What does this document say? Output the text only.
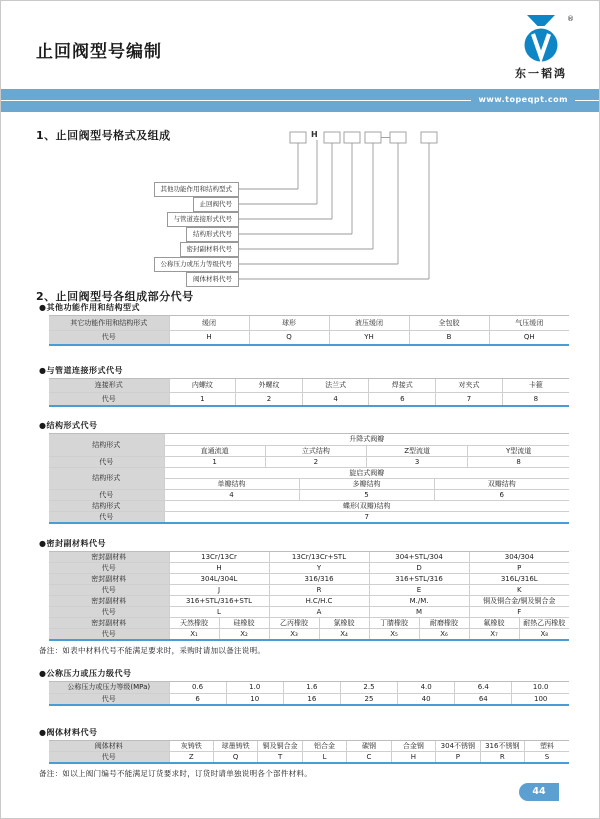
止回阀型号编制
®
东一韬鸿
www.topeqpt.com
1、止回阀型号格式及组成	H
其他功能作用和结构型式
止回阀代号
与管道连接形式代号
结构形式代号
密封副材料代号
公称压力或压力等级代号
阀体材料代号
2、止回阀型号各组成部分代号
●其他功能作用和结构型式
其它功能作用和结构形式	缓闭	球形	液压缓闭	全包胶	气压缓闭
代号	H	Q	YH	B	QH
●与管道连接形式代号
连接形式	内螺纹	外螺纹	法兰式	焊接式	对夹式	卡箍
代号	1	2	4	6	7	8
●结构形式代号
结构形式	升降式阀瓣					
	直通流道	立式结构		Z型流道		Y型流道
代号	1	2		3		8
结构形式	旋启式阀瓣					
	单瓣结构		多瓣结构		双瓣结构	
代号	4		5		6	
结构形式	蝶形(双瓣)结构					
代号	7					
●密封副材料代号
密封副材料	13Cr/13Cr		13Cr/13Cr+STL		304+STL/304		304/304	
代号	H		Y		D		P	
密封副材料	304L/304L		316/316		316+STL/316		316L/316L	
代号	J		R		E		K	
密封副材料	316+STL/316+STL		H.C/H.C		M./M.		铜及铜合金/铜及铜合金	
代号	L		A		M		F	
密封副材料	天然橡胶	硅橡胶	乙丙橡胶	氯橡胶	丁腈橡胶	耐磨橡胶	氟橡胶	耐热乙丙橡胶
代号	X₁	X₂	X₃	X₄	X₅	X₆	X₇	X₈
备注：如表中材料代号不能满足要求时，采购时请加以备注说明。
●公称压力或压力级代号
公称压力或压力等级(MPa)	0.6	1.0	1.6	2.5	4.0	6.4	10.0
代号	6	10	16	25	40	64	100
●阀体材料代号
阀体材料	灰铸铁	球墨铸铁	铜及铜合金	铝合金	碳钢	合金钢	304不锈钢	316不锈钢	塑料
代号	Z	Q	T	L	C	H	P	R	S
备注：如以上阀门编号不能满足订货要求时，订货时请单独说明各个部件材料。
44
